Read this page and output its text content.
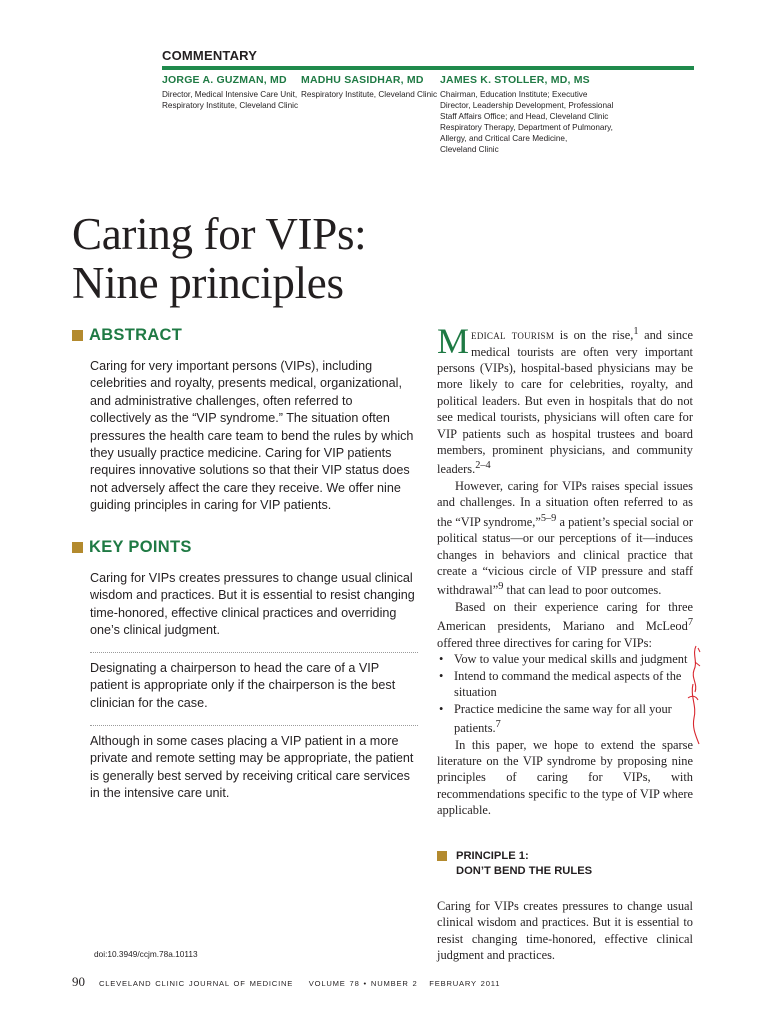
COMMENTARY
JORGE A. GUZMAN, MD
Director, Medical Intensive Care Unit,
Respiratory Institute, Cleveland Clinic
MADHU SASIDHAR, MD
Respiratory Institute, Cleveland Clinic
JAMES K. STOLLER, MD, MS
Chairman, Education Institute; Executive
Director, Leadership Development, Professional
Staff Affairs Office; and Head, Cleveland Clinic
Respiratory Therapy, Department of Pulmonary,
Allergy, and Critical Care Medicine,
Cleveland Clinic
Caring for VIPs:
Nine principles
ABSTRACT
Caring for very important persons (VIPs), including celebrities and royalty, presents medical, organizational, and administrative challenges, often referred to collectively as the “VIP syndrome.” The situation often pressures the health care team to bend the rules by which they usually practice medicine. Caring for VIP patients requires innovative solutions so that their VIP status does not adversely affect the care they receive. We offer nine guiding principles in caring for VIP patients.
KEY POINTS
Caring for VIPs creates pressures to change usual clinical wisdom and practices. But it is essential to resist changing time-honored, effective clinical practices and overriding one’s clinical judgment.
Designating a chairperson to head the care of a VIP patient is appropriate only if the chairperson is the best clinician for the case.
Although in some cases placing a VIP patient in a more private and remote setting may be appropriate, the patient is generally best served by receiving critical care services in the intensive care unit.
doi:10.3949/ccjm.78a.10113

Medical tourism is on the rise,$^1$ and since medical tourists are often very important persons (VIPs), hospital-based physicians may be more likely to care for celebrities, royalty, and political leaders. But even in hospitals that do not see medical tourists, physicians will often care for VIP patients such as hospital trustees and board members, prominent physicians, and community leaders.$^{2-4}$

However, caring for VIPs raises special issues and challenges. In a situation often referred to as the “VIP syndrome,”$^{5-9}$ a patient’s special social or political status—or our perceptions of it—induces changes in behaviors and clinical practice that create a “vicious circle of VIP pressure and staff withdrawal”$^9$ that can lead to poor outcomes.

Based on their experience caring for three American presidents, Mariano and McLeod$^7$ offered three directives for caring for VIPs:

• Vow to value your medical skills and judgment
• Intend to command the medical aspects of the situation
• Practice medicine the same way for all your patients.$^7$

In this paper, we hope to extend the sparse literature on the VIP syndrome by proposing nine principles of caring for VIPs, with recommendations specific to the type of VIP where applicable.

PRINCIPLE 1:
DON’T BEND THE RULES
Caring for VIPs creates pressures to change usual clinical wisdom and practices. But it is essential to resist changing time-honored, effective clinical judgment and practices.
90 CLEVELAND CLINIC JOURNAL OF MEDICINE VOLUME 78 • NUMBER 2 FEBRUARY 2011
